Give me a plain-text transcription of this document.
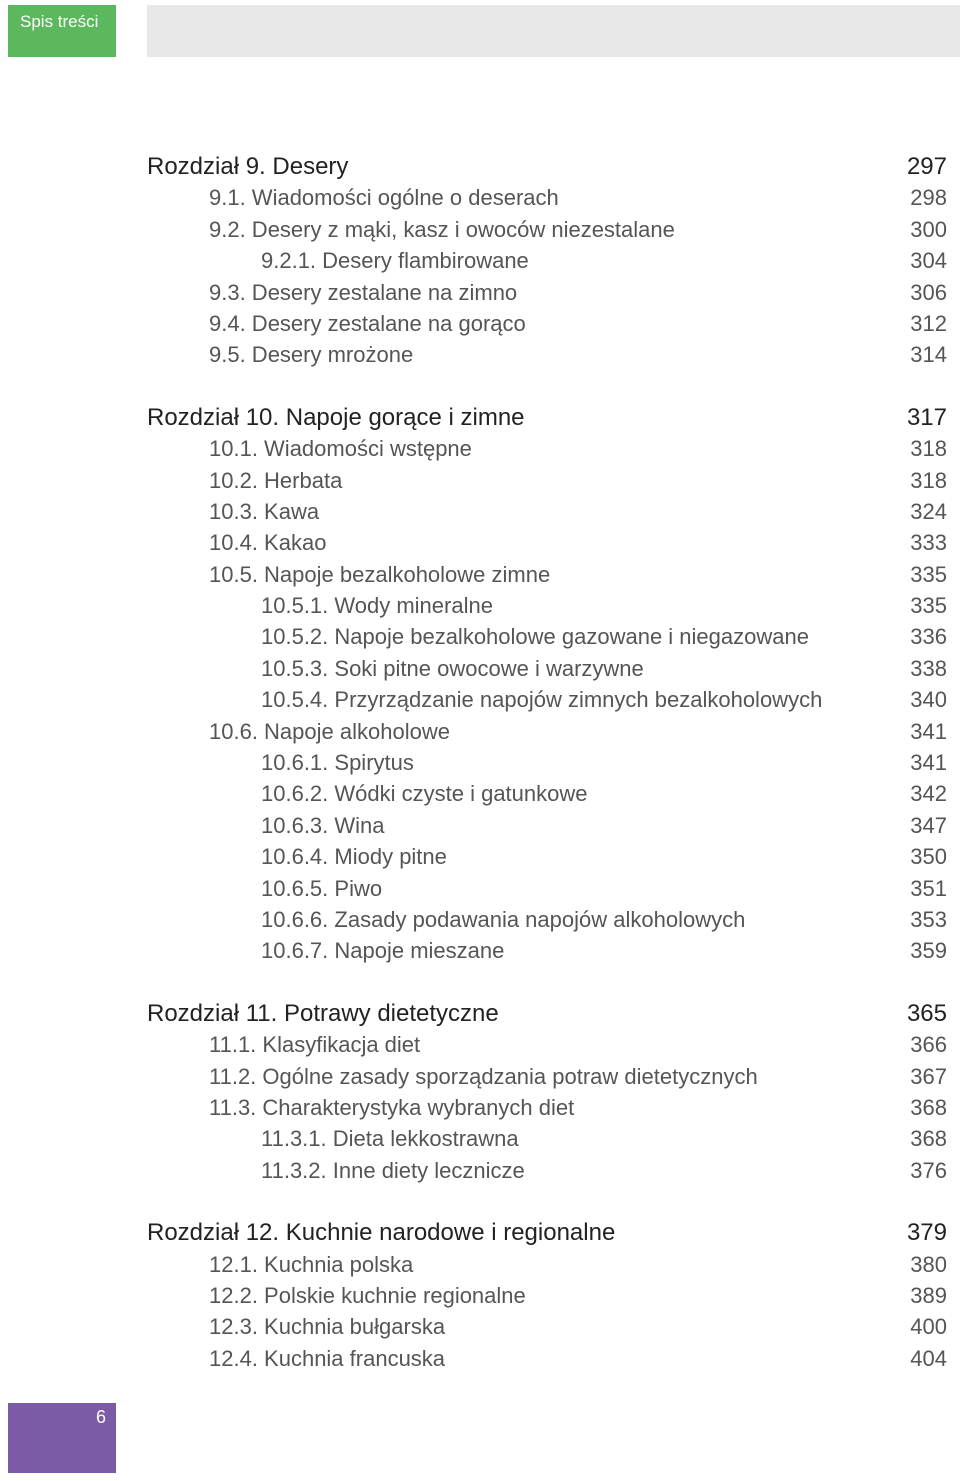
Spis treści
Rozdział 9. Desery	297
9.1. Wiadomości ogólne o deserach	298
9.2. Desery z mąki, kasz i owoców niezestalane	300
9.2.1. Desery flambirowane	304
9.3. Desery zestalane na zimno	306
9.4. Desery zestalane na gorąco	312
9.5. Desery mrożone	314
Rozdział 10. Napoje gorące i zimne	317
10.1. Wiadomości wstępne	318
10.2. Herbata	318
10.3. Kawa	324
10.4. Kakao	333
10.5. Napoje bezalkoholowe zimne	335
10.5.1. Wody mineralne	335
10.5.2. Napoje bezalkoholowe gazowane i niegazowane	336
10.5.3. Soki pitne owocowe i warzywne	338
10.5.4. Przyrządzanie napojów zimnych bezalkoholowych	340
10.6. Napoje alkoholowe	341
10.6.1. Spirytus	341
10.6.2. Wódki czyste i gatunkowe	342
10.6.3. Wina	347
10.6.4. Miody pitne	350
10.6.5. Piwo	351
10.6.6. Zasady podawania napojów alkoholowych	353
10.6.7. Napoje mieszane	359
Rozdział 11. Potrawy dietetyczne	365
11.1. Klasyfikacja diet	366
11.2. Ogólne zasady sporządzania potraw dietetycznych	367
11.3. Charakterystyka wybranych diet	368
11.3.1. Dieta lekkostrawna	368
11.3.2. Inne diety lecznicze	376
Rozdział 12. Kuchnie narodowe i regionalne	379
12.1. Kuchnia polska	380
12.2. Polskie kuchnie regionalne	389
12.3. Kuchnia bułgarska	400
12.4. Kuchnia francuska	404
6
